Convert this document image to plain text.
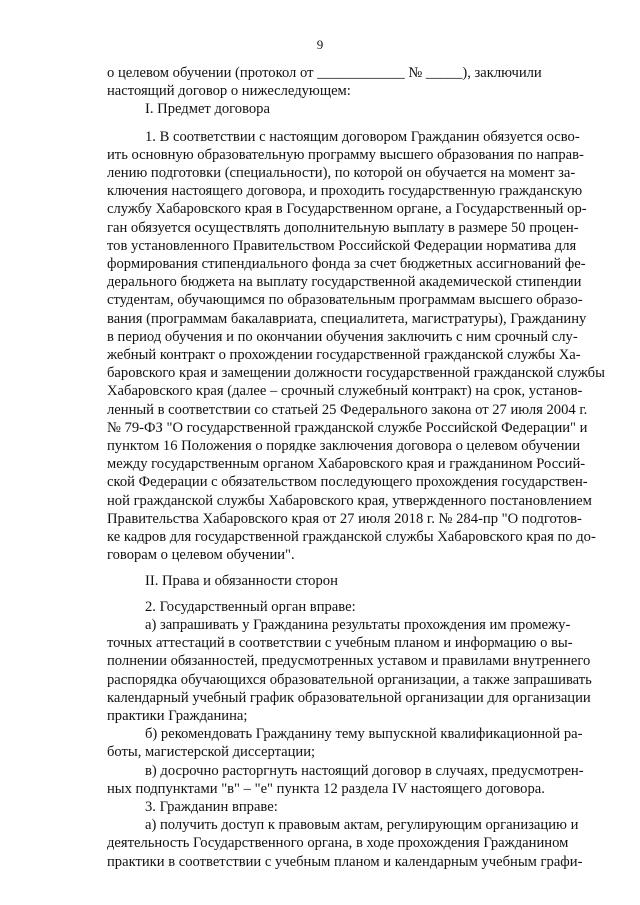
9
о целевом обучении (протокол от ____________ № _____), заключили
настоящий договор о нижеследующем:
I. Предмет договора
1. В соответствии с настоящим договором Гражданин обязуется осво-
ить основную образовательную программу высшего образования по направ-
лению подготовки (специальности), по которой он обучается на момент за-
ключения настоящего договора, и проходить государственную гражданскую
службу Хабаровского края в Государственном органе, а Государственный ор-
ган обязуется осуществлять дополнительную выплату в размере 50 процен-
тов установленного Правительством Российской Федерации норматива для
формирования стипендиального фонда за счет бюджетных ассигнований фе-
дерального бюджета на выплату государственной академической стипендии
студентам, обучающимся по образовательным программам высшего образо-
вания (программам бакалавриата, специалитета, магистратуры), Гражданину
в период обучения и по окончании обучения заключить с ним срочный слу-
жебный контракт о прохождении государственной гражданской службы Ха-
баровского края и замещении должности государственной гражданской службы
Хабаровского края (далее – срочный служебный контракт) на срок, установ-
ленный в соответствии со статьей 25 Федерального закона от 27 июля 2004 г.
№ 79-ФЗ "О государственной гражданской службе Российской Федерации" и
пунктом 16 Положения о порядке заключения договора о целевом обучении
между государственным органом Хабаровского края и гражданином Россий-
ской Федерации с обязательством последующего прохождения государствен-
ной гражданской службы Хабаровского края, утвержденного постановлением
Правительства Хабаровского края от 27 июля 2018 г. № 284-пр "О подготов-
ке кадров для государственной гражданской службы Хабаровского края по до-
говорам о целевом обучении".
II. Права и обязанности сторон
2. Государственный орган вправе:
а) запрашивать у Гражданина результаты прохождения им промежу-
точных аттестаций в соответствии с учебным планом и информацию о вы-
полнении обязанностей, предусмотренных уставом и правилами внутреннего
распорядка обучающихся образовательной организации, а также запрашивать
календарный учебный график образовательной организации для организации
практики Гражданина;
б) рекомендовать Гражданину тему выпускной квалификационной ра-
боты, магистерской диссертации;
в) досрочно расторгнуть настоящий договор в случаях, предусмотрен-
ных подпунктами "в" – "е" пункта 12 раздела IV настоящего договора.
3. Гражданин вправе:
а) получить доступ к правовым актам, регулирующим организацию и
деятельность Государственного органа, в ходе прохождения Гражданином
практики в соответствии с учебным планом и календарным учебным графи-
